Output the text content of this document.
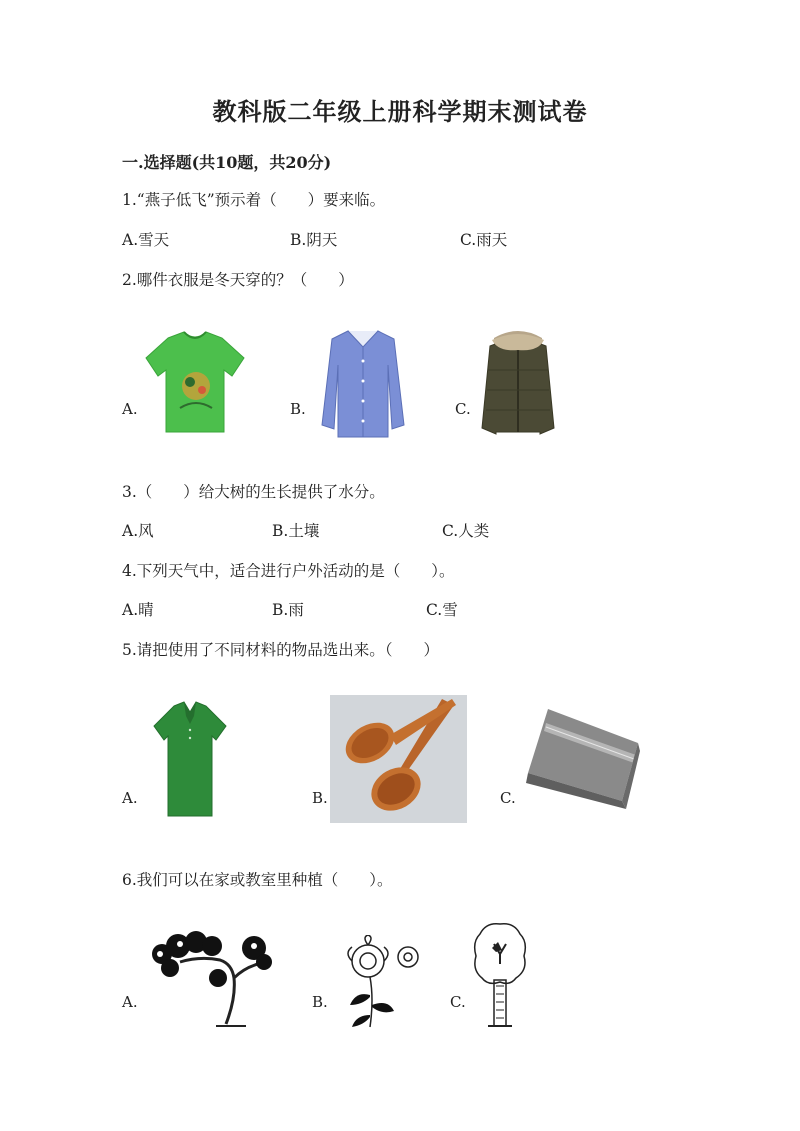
教科版二年级上册科学期末测试卷
一.选择题(共10题，共20分)
1.“燕子低飞”预示着（　　）要来临。
A.雪天	B.阴天	C.雨天
2.哪件衣服是冬天穿的？（　　）
A.	B.	C.
3.（　　）给大树的生长提供了水分。
A.风	B.土壤	C.人类
4.下列天气中，适合进行户外活动的是（　　）。
A.晴	B.雨	C.雪
5.请把使用了不同材料的物品选出来。（　　）
A.	B.	C.
6.我们可以在家或教室里种植（　　）。
A.	B.	C.
